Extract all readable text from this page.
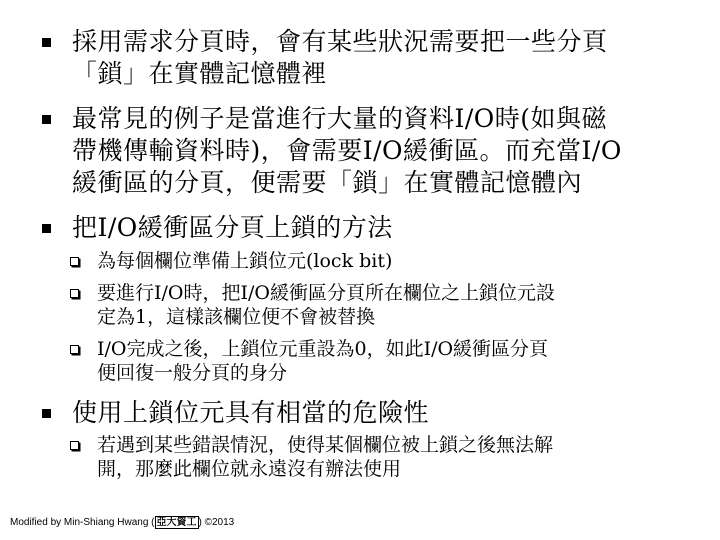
採用需求分頁時，會有某些狀況需要把一些分頁
「鎖」在實體記憶體裡
最常見的例子是當進行大量的資料I/O時(如與磁
帶機傳輸資料時)，會需要I/O緩衝區。而充當I/O
緩衝區的分頁，便需要「鎖」在實體記憶體內
把I/O緩衝區分頁上鎖的方法
為每個欄位準備上鎖位元(lock bit)
要進行I/O時，把I/O緩衝區分頁所在欄位之上鎖位元設
定為1，這樣該欄位便不會被替換
I/O完成之後，上鎖位元重設為0，如此I/O緩衝區分頁
便回復一般分頁的身分
使用上鎖位元具有相當的危險性
若遇到某些錯誤情況，使得某個欄位被上鎖之後無法解
開，那麼此欄位就永遠沒有辦法使用
Modified by Min-Shiang Hwang ( 亞大資工 ) ©2013
